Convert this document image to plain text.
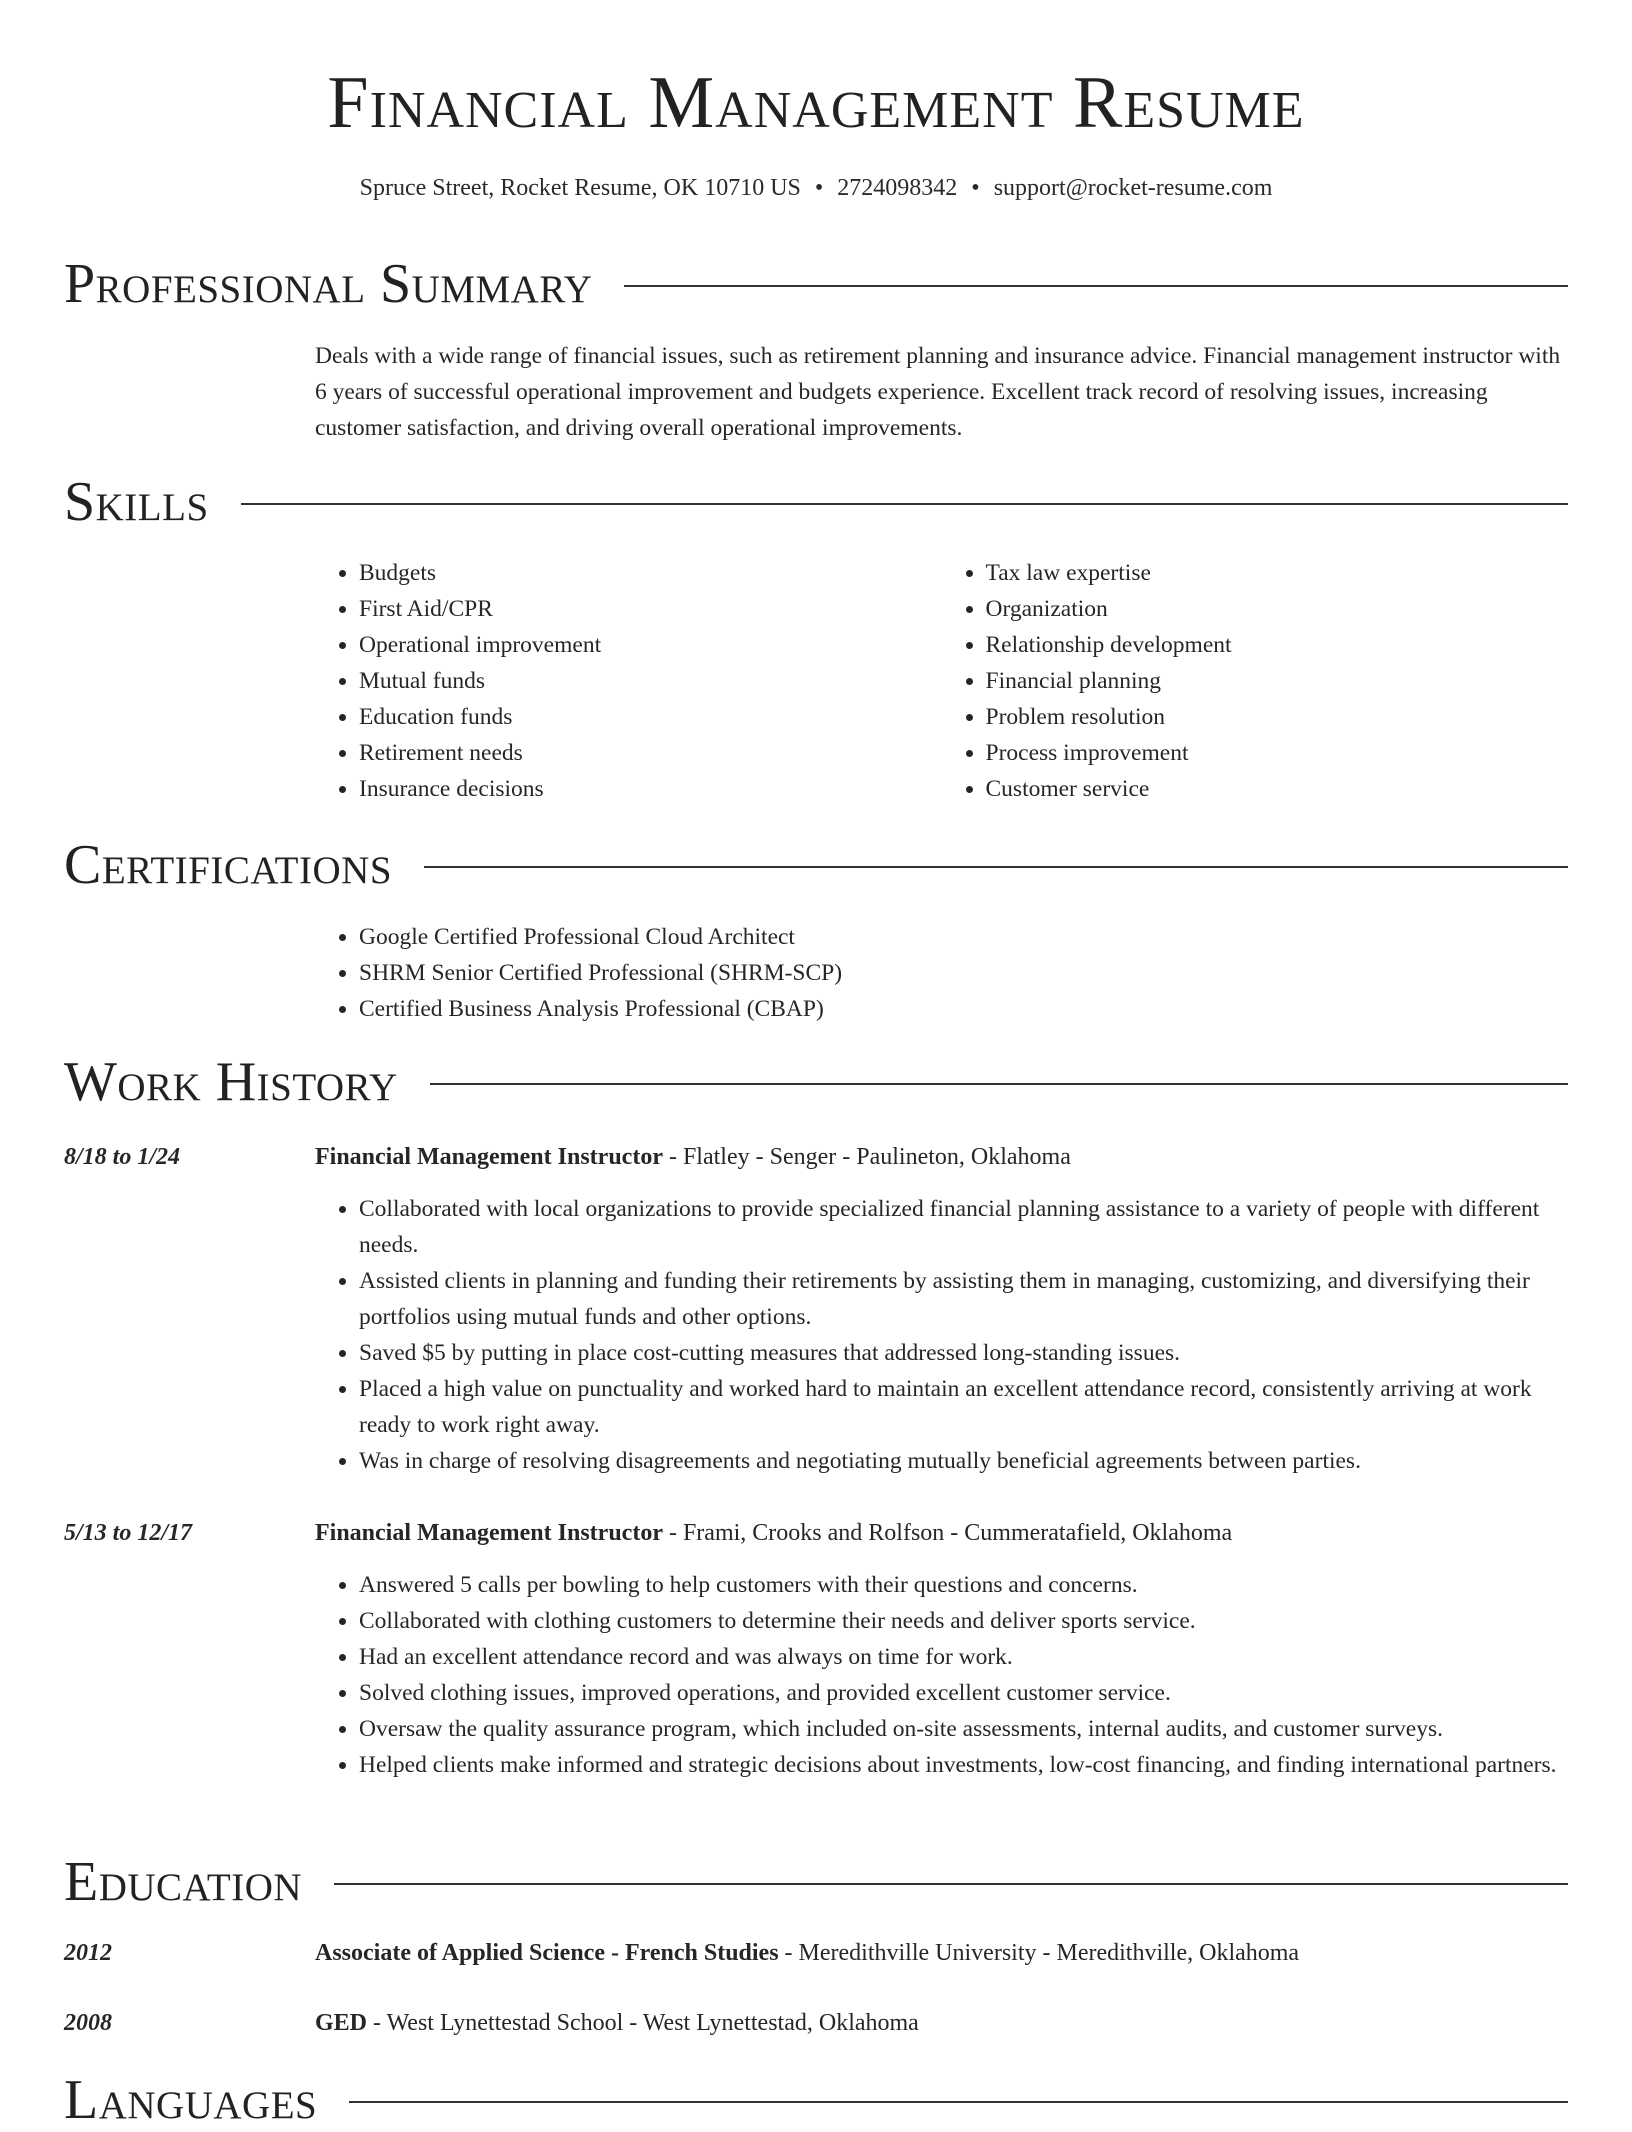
Financial Management Resume
Spruce Street, Rocket Resume, OK 10710 US • 2724098342 • support@rocket-resume.com
Professional Summary

Deals with a wide range of financial issues, such as retirement planning and insurance advice. Financial management instructor with 6 years of successful operational improvement and budgets experience. Excellent track record of resolving issues, increasing customer satisfaction, and driving overall operational improvements.

Skills
• Budgets
• First Aid/CPR
• Operational improvement
• Mutual funds
• Education funds
• Retirement needs
• Insurance decisions
• Tax law expertise
• Organization
• Relationship development
• Financial planning
• Problem resolution
• Process improvement
• Customer service
Certifications
• Google Certified Professional Cloud Architect
• SHRM Senior Certified Professional (SHRM-SCP)
• Certified Business Analysis Professional (CBAP)
Work History
8/18 to 1/24	Financial Management Instructor - Flatley - Senger - Paulineton, Oklahoma
• Collaborated with local organizations to provide specialized financial planning assistance to a variety of people with different needs.
• Assisted clients in planning and funding their retirements by assisting them in managing, customizing, and diversifying their portfolios using mutual funds and other options.
• Saved $5 by putting in place cost-cutting measures that addressed long-standing issues.
• Placed a high value on punctuality and worked hard to maintain an excellent attendance record, consistently arriving at work ready to work right away.
• Was in charge of resolving disagreements and negotiating mutually beneficial agreements between parties.
5/13 to 12/17	Financial Management Instructor - Frami, Crooks and Rolfson - Cummeratafield, Oklahoma
• Answered 5 calls per bowling to help customers with their questions and concerns.
• Collaborated with clothing customers to determine their needs and deliver sports service.
• Had an excellent attendance record and was always on time for work.
• Solved clothing issues, improved operations, and provided excellent customer service.
• Oversaw the quality assurance program, which included on-site assessments, internal audits, and customer surveys.
• Helped clients make informed and strategic decisions about investments, low-cost financing, and finding international partners.
Education
2012	Associate of Applied Science - French Studies - Meredithville University - Meredithville, Oklahoma
2008	GED - West Lynettestad School - West Lynettestad, Oklahoma
Languages
